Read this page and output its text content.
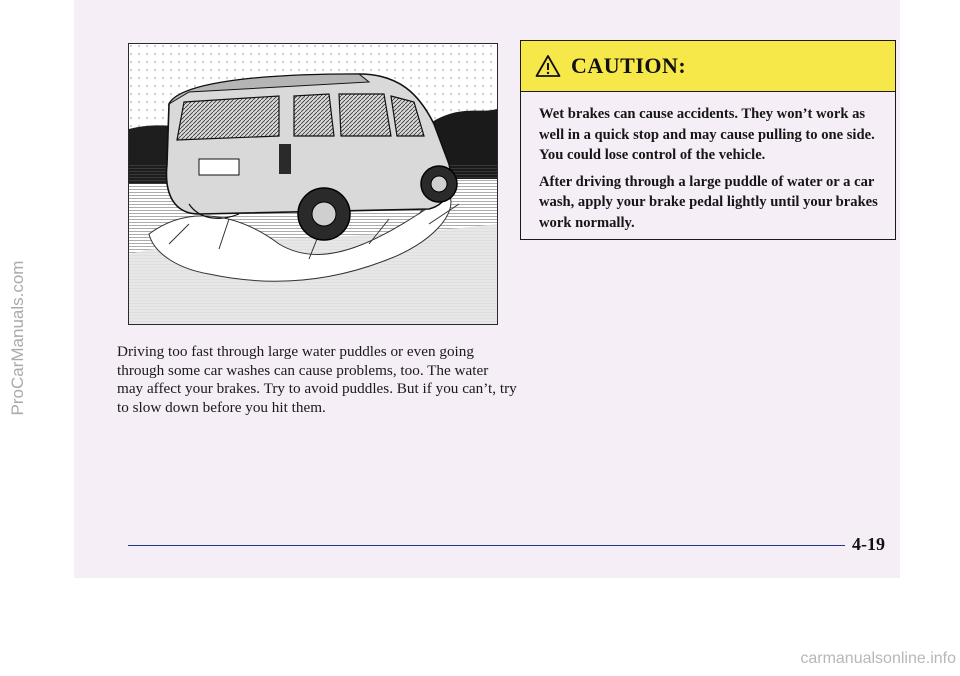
ProCarManuals.com	Driving too fast through large water puddles or even going through some car washes can cause problems, too. The water may affect your brakes. Try to avoid puddles. But if you can’t, try to slow down before you hit them.

CAUTION:

Wet brakes can cause accidents. They won’t work as well in a quick stop and may cause pulling to one side. You could lose control of the vehicle.

After driving through a large puddle of water or a car wash, apply your brake pedal lightly until your brakes work normally.

4-19
carmanualsonline.info
